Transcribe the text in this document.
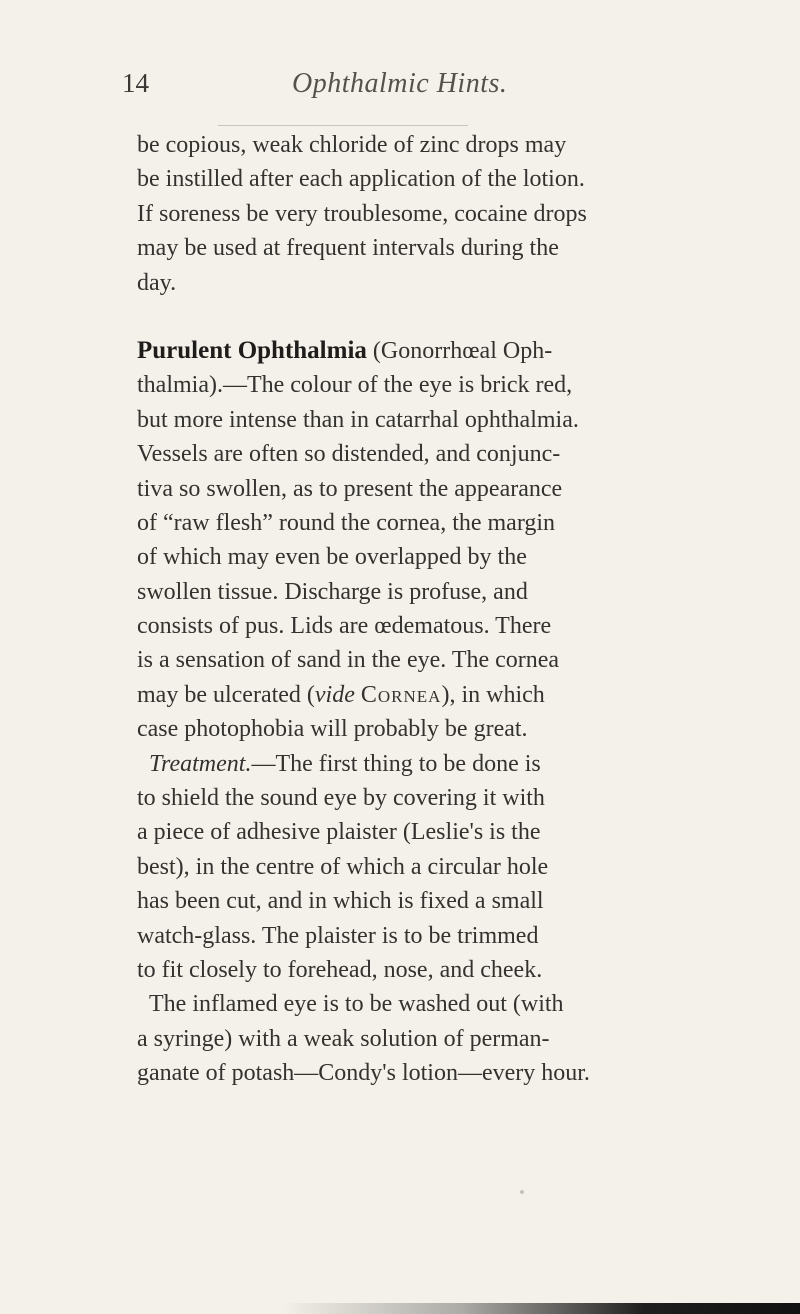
14	Ophthalmic Hints.
be copious, weak chloride of zinc drops may
be instilled after each application of the lotion.
If soreness be very troublesome, cocaine drops
may be used at frequent intervals during the
day.
Purulent Ophthalmia (Gonorrhœal Oph-
thalmia).—The colour of the eye is brick red,
but more intense than in catarrhal ophthalmia.
Vessels are often so distended, and conjunc-
tiva so swollen, as to present the appearance
of “raw flesh” round the cornea, the margin
of which may even be overlapped by the
swollen tissue. Discharge is profuse, and
consists of pus. Lids are œdematous. There
is a sensation of sand in the eye. The cornea
may be ulcerated (vide Cornea), in which
case photophobia will probably be great.
 Treatment.—The first thing to be done is
to shield the sound eye by covering it with
a piece of adhesive plaister (Leslie's is the
best), in the centre of which a circular hole
has been cut, and in which is fixed a small
watch-glass. The plaister is to be trimmed
to fit closely to forehead, nose, and cheek.
 The inflamed eye is to be washed out (with
a syringe) with a weak solution of perman-
ganate of potash—Condy's lotion—every hour.
